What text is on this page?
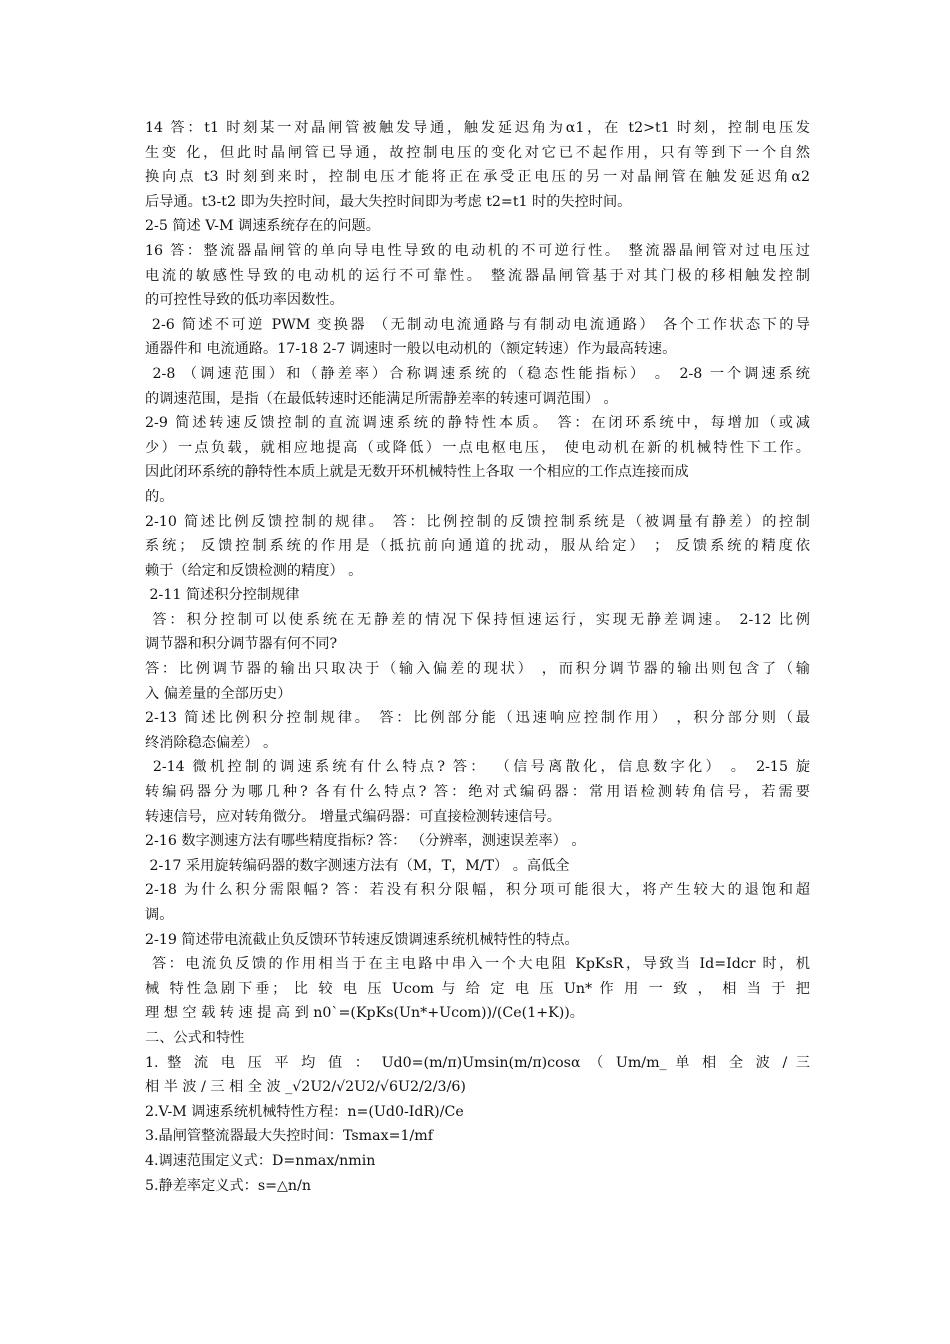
14 答：t1 时刻某一对晶闸管被触发导通，触发延迟角为α1，在 t2>t1 时刻，控制电压发
生变 化，但此时晶闸管已导通，故控制电压的变化对它已不起作用，只有等到下一个自然
换向点 t3 时刻到来时，控制电压才能将正在承受正电压的另一对晶闸管在触发延迟角α2
后导通。t3-t2 即为失控时间，最大失控时间即为考虑 t2=t1 时的失控时间。
2-5 简述 V-M 调速系统存在的问题。
16 答：整流器晶闸管的单向导电性导致的电动机的不可逆行性。 整流器晶闸管对过电压过
电流的敏感性导致的电动机的运行不可靠性。 整流器晶闸管基于对其门极的移相触发控制
的可控性导致的低功率因数性。
2-6 简述不可逆 PWM 变换器 （无制动电流通路与有制动电流通路） 各个工作状态下的导
通器件和 电流通路。17-18 2-7 调速时一般以电动机的（额定转速）作为最高转速。
2-8 （调速范围）和（静差率）合称调速系统的（稳态性能指标） 。 2-8 一个调速系统
的调速范围，是指（在最低转速时还能满足所需静差率的转速可调范围） 。
2-9 简述转速反馈控制的直流调速系统的静特性本质。 答：在闭环系统中，每增加（或减
少）一点负载，就相应地提高（或降低）一点电枢电压， 使电动机在新的机械特性下工作。
因此闭环系统的静特性本质上就是无数开环机械特性上各取 一个相应的工作点连接而成
的。
2-10 简述比例反馈控制的规律。 答：比例控制的反馈控制系统是（被调量有静差）的控制
系统； 反馈控制系统的作用是（抵抗前向通道的扰动，服从给定） ； 反馈系统的精度依
赖于（给定和反馈检测的精度） 。
2-11 简述积分控制规律
答：积分控制可以使系统在无静差的情况下保持恒速运行，实现无静差调速。 2-12 比例
调节器和积分调节器有何不同?
答：比例调节器的输出只取决于（输入偏差的现状） ，而积分调节器的输出则包含了（输
入 偏差量的全部历史）
2-13 简述比例积分控制规律。 答：比例部分能（迅速响应控制作用） ，积分部分则（最
终消除稳态偏差） 。
2-14 微机控制的调速系统有什么特点? 答： （信号离散化，信息数字化） 。 2-15 旋
转编码器分为哪几种? 各有什么特点? 答：绝对式编码器：常用语检测转角信号，若需要
转速信号，应对转角微分。 增量式编码器：可直接检测转速信号。
2-16 数字测速方法有哪些精度指标? 答： （分辨率，测速误差率） 。
2-17 采用旋转编码器的数字测速方法有（M，T，M/T） 。高低全
2-18 为什么积分需限幅? 答：若没有积分限幅，积分项可能很大，将产生较大的退饱和超
调。
2-19 简述带电流截止负反馈环节转速反馈调速系统机械特性的特点。
答：电流负反馈的作用相当于在主电路中串入一个大电阻 KpKsR，导致当 Id=Idcr 时，机
械 特性急剧下垂； 比 较 电 压 Ucom 与 给 定 电 压 Un* 作 用 一 致 ， 相 当 于 把
理 想 空 载 转 速 提 高 到 n0`=(KpKs(Un*+Ucom))/(Ce(1+K))。
二、公式和特性
1. 整 流 电 压 平 均 值 ： Ud0=(m/π)Umsin(m/π)cosα （ Um/m_ 单 相 全 波 / 三
相 半 波 / 三 相 全 波 _√2U2/√2U2/√6U2/2/3/6)
2.V-M 调速系统机械特性方程：n=(Ud0-IdR)/Ce
3.晶闸管整流器最大失控时间：Tsmax=1/mf
4.调速范围定义式：D=nmax/nmin
5.静差率定义式：s=△n/n
